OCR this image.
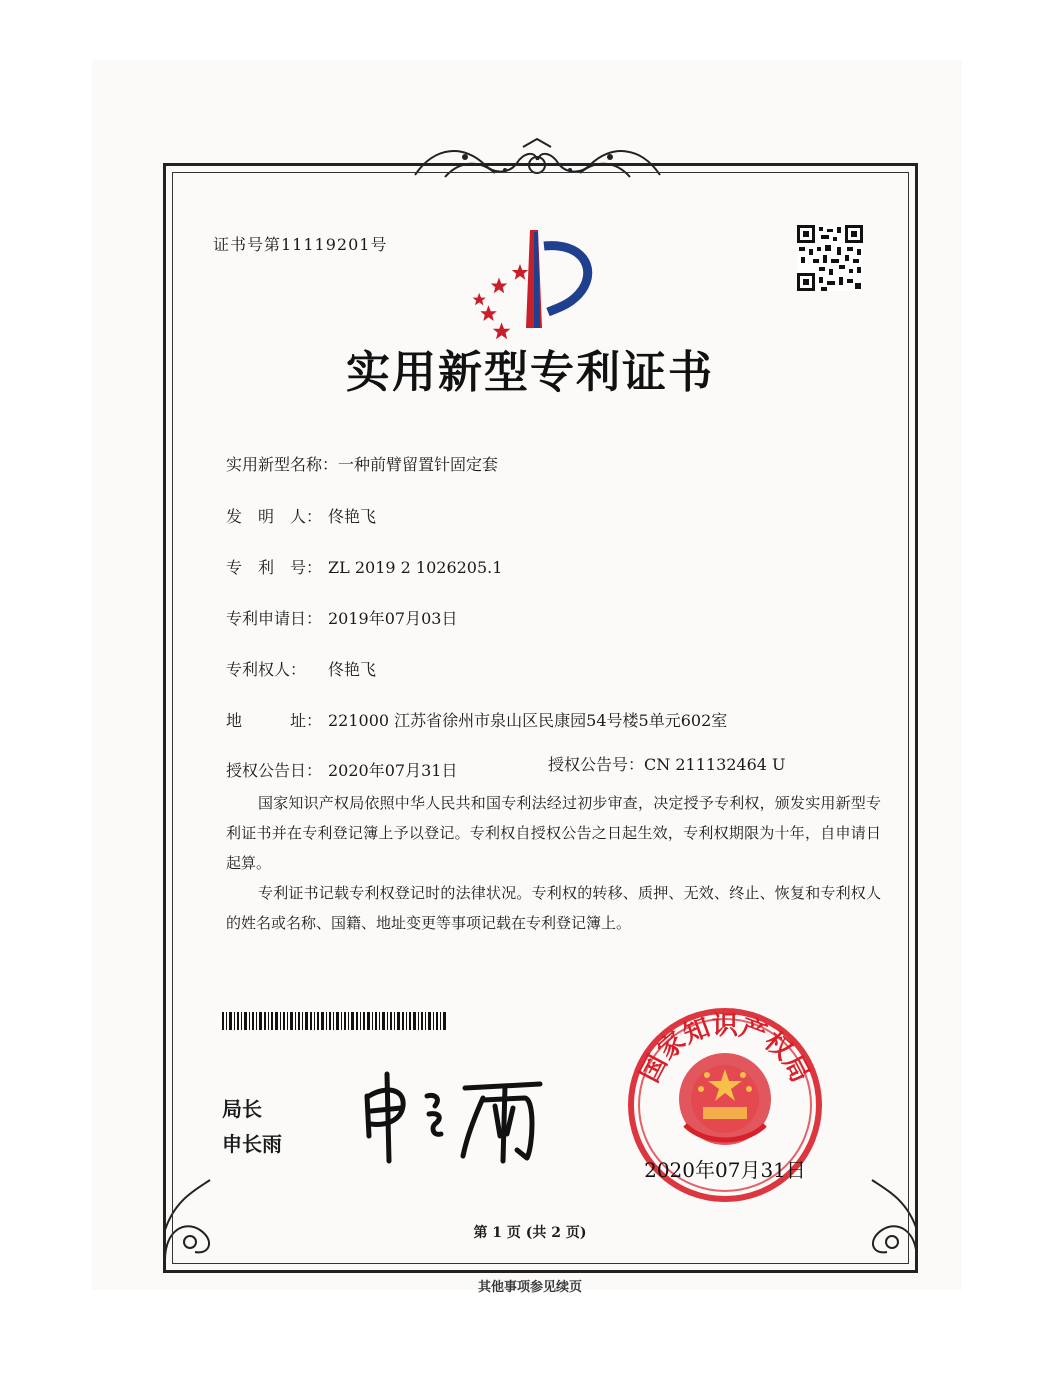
证书号第11119201号
实用新型专利证书
实用新型名称：一种前臂留置针固定套
发　明　人： 佟艳飞
专　利　号： ZL 2019 2 1026205.1
专利申请日： 2019年07月03日
专利权人： 佟艳飞
地　　　址： 221000 江苏省徐州市泉山区民康园54号楼5单元602室
授权公告日： 2020年07月31日	授权公告号：CN 211132464 U

国家知识产权局依照中华人民共和国专利法经过初步审查，决定授予专利权，颁发实用新型专利证书并在专利登记簿上予以登记。专利权自授权公告之日起生效，专利权期限为十年，自申请日起算。

专利证书记载专利权登记时的法律状况。专利权的转移、质押、无效、终止、恢复和专利权人的姓名或名称、国籍、地址变更等事项记载在专利登记簿上。

局长
申长雨
国家知识产权局
2020年07月31日
第 1 页 (共 2 页)
